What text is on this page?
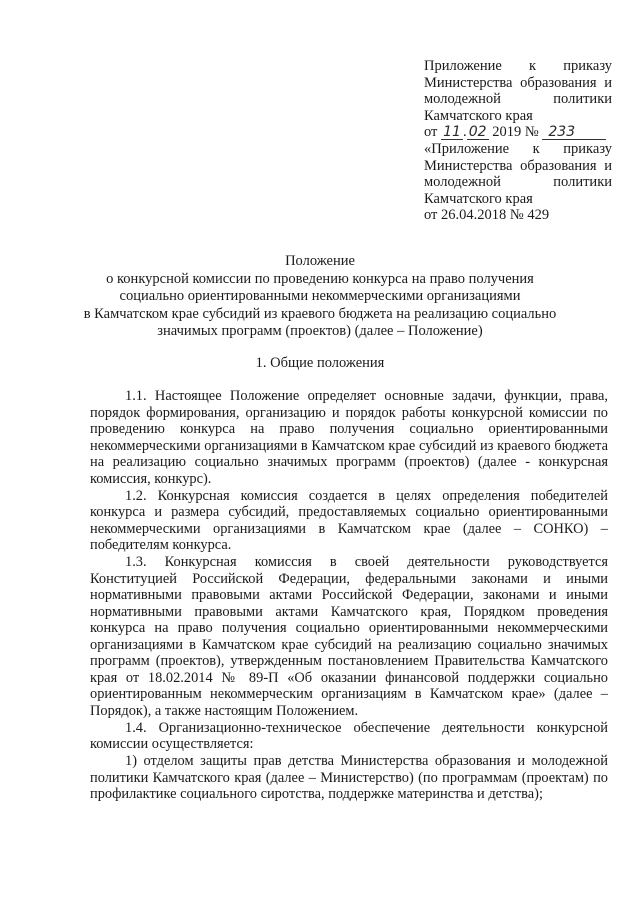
Приложение к приказу
Министерства образования и
молодежной политики
Камчатского края
от 11 . 02 2019 № 233
«Приложение к приказу
Министерства образования и
молодежной политики
Камчатского края
от 26.04.2018 № 429
Положение
о конкурсной комиссии по проведению конкурса на право получения
социально ориентированными некоммерческими организациями
в Камчатском крае субсидий из краевого бюджета на реализацию социально
значимых программ (проектов) (далее – Положение)
1. Общие положения

1.1. Настоящее Положение определяет основные задачи, функции, права, порядок формирования, организацию и порядок работы конкурсной комиссии по проведению конкурса на право получения социально ориентированными некоммерческими организациями в Камчатском крае субсидий из краевого бюджета на реализацию социально значимых программ (проектов) (далее - конкурсная комиссия, конкурс).

1.2. Конкурсная комиссия создается в целях определения победителей конкурса и размера субсидий, предоставляемых социально ориентированными некоммерческими организациями в Камчатском крае (далее – СОНКО) – победителям конкурса.

1.3. Конкурсная комиссия в своей деятельности руководствуется Конституцией Российской Федерации, федеральными законами и иными нормативными правовыми актами Российской Федерации, законами и иными нормативными правовыми актами Камчатского края, Порядком проведения конкурса на право получения социально ориентированными некоммерческими организациями в Камчатском крае субсидий на реализацию социально значимых программ (проектов), утвержденным постановлением Правительства Камчатского края от 18.02.2014 № 89-П «Об оказании финансовой поддержки социально ориентированным некоммерческим организациям в Камчатском крае» (далее – Порядок), а также настоящим Положением.

1.4. Организационно-техническое обеспечение деятельности конкурсной комиссии осуществляется:

1) отделом защиты прав детства Министерства образования и молодежной политики Камчатского края (далее – Министерство) (по программам (проектам) по профилактике социального сиротства, поддержке материнства и детства);
